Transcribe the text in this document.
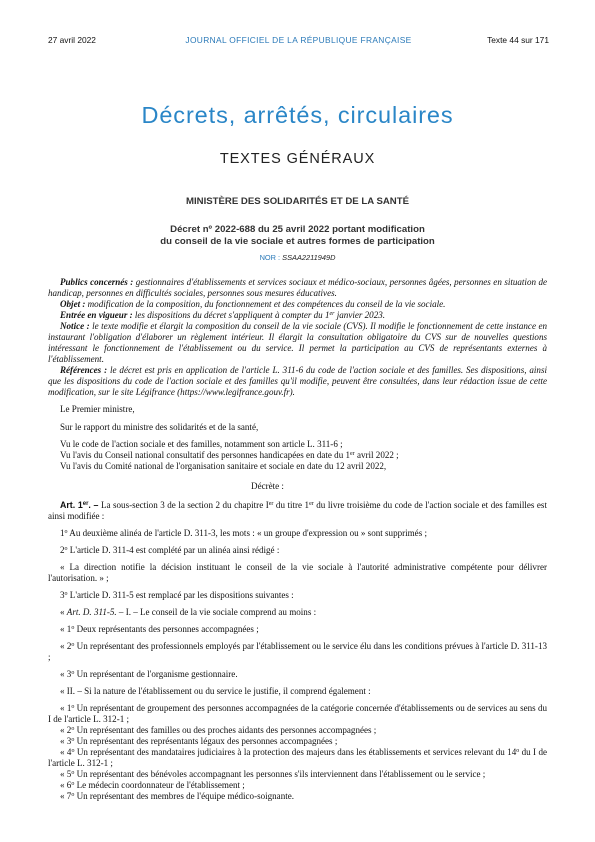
27 avril 2022	JOURNAL OFFICIEL DE LA RÉPUBLIQUE FRANÇAISE	Texte 44 sur 171
Décrets, arrêtés, circulaires
TEXTES GÉNÉRAUX
MINISTÈRE DES SOLIDARITÉS ET DE LA SANTÉ
Décret nº 2022-688 du 25 avril 2022 portant modification
du conseil de la vie sociale et autres formes de participation
NOR : SSAA2211949D

Publics concernés : gestionnaires d'établissements et services sociaux et médico-sociaux, personnes âgées, personnes en situation de handicap, personnes en difficultés sociales, personnes sous mesures éducatives.

Objet : modification de la composition, du fonctionnement et des compétences du conseil de la vie sociale.

Entrée en vigueur : les dispositions du décret s'appliquent à compter du 1er janvier 2023.

Notice : le texte modifie et élargit la composition du conseil de la vie sociale (CVS). Il modifie le fonctionnement de cette instance en instaurant l'obligation d'élaborer un règlement intérieur. Il élargit la consultation obligatoire du CVS sur de nouvelles questions intéressant le fonctionnement de l'établissement ou du service. Il permet la participation au CVS de représentants externes à l'établissement.

Références : le décret est pris en application de l'article L. 311-6 du code de l'action sociale et des familles. Ses dispositions, ainsi que les dispositions du code de l'action sociale et des familles qu'il modifie, peuvent être consultées, dans leur rédaction issue de cette modification, sur le site Légifrance (https://www.legifrance.gouv.fr).

Le Premier ministre,

Sur le rapport du ministre des solidarités et de la santé,

Vu le code de l'action sociale et des familles, notamment son article L. 311-6 ;

Vu l'avis du Conseil national consultatif des personnes handicapées en date du 1er avril 2022 ;

Vu l'avis du Comité national de l'organisation sanitaire et sociale en date du 12 avril 2022,

Décrète :

Art. 1er. – La sous-section 3 de la section 2 du chapitre Ier du titre 1er du livre troisième du code de l'action sociale et des familles est ainsi modifiée :

1$^o$ Au deuxième alinéa de l'article D. 311-3, les mots : « un groupe d'expression ou » sont supprimés ;

2$^o$ L'article D. 311-4 est complété par un alinéa ainsi rédigé :

« La direction notifie la décision instituant le conseil de la vie sociale à l'autorité administrative compétente pour délivrer l'autorisation. » ;

3$^o$ L'article D. 311-5 est remplacé par les dispositions suivantes :

« Art. D. 311-5. – I. – Le conseil de la vie sociale comprend au moins :

« 1$^o$ Deux représentants des personnes accompagnées ;

« 2$^o$ Un représentant des professionnels employés par l'établissement ou le service élu dans les conditions prévues à l'article D. 311-13 ;

« 3$^o$ Un représentant de l'organisme gestionnaire.

« II. – Si la nature de l'établissement ou du service le justifie, il comprend également :

« 1$^o$ Un représentant de groupement des personnes accompagnées de la catégorie concernée d'établissements ou de services au sens du I de l'article L. 312-1 ;

« 2$^o$ Un représentant des familles ou des proches aidants des personnes accompagnées ;

« 3$^o$ Un représentant des représentants légaux des personnes accompagnées ;

« 4$^o$ Un représentant des mandataires judiciaires à la protection des majeurs dans les établissements et services relevant du 14$^o$ du I de l'article L. 312-1 ;

« 5$^o$ Un représentant des bénévoles accompagnant les personnes s'ils interviennent dans l'établissement ou le service ;

« 6$^o$ Le médecin coordonnateur de l'établissement ;

« 7$^o$ Un représentant des membres de l'équipe médico-soignante.
